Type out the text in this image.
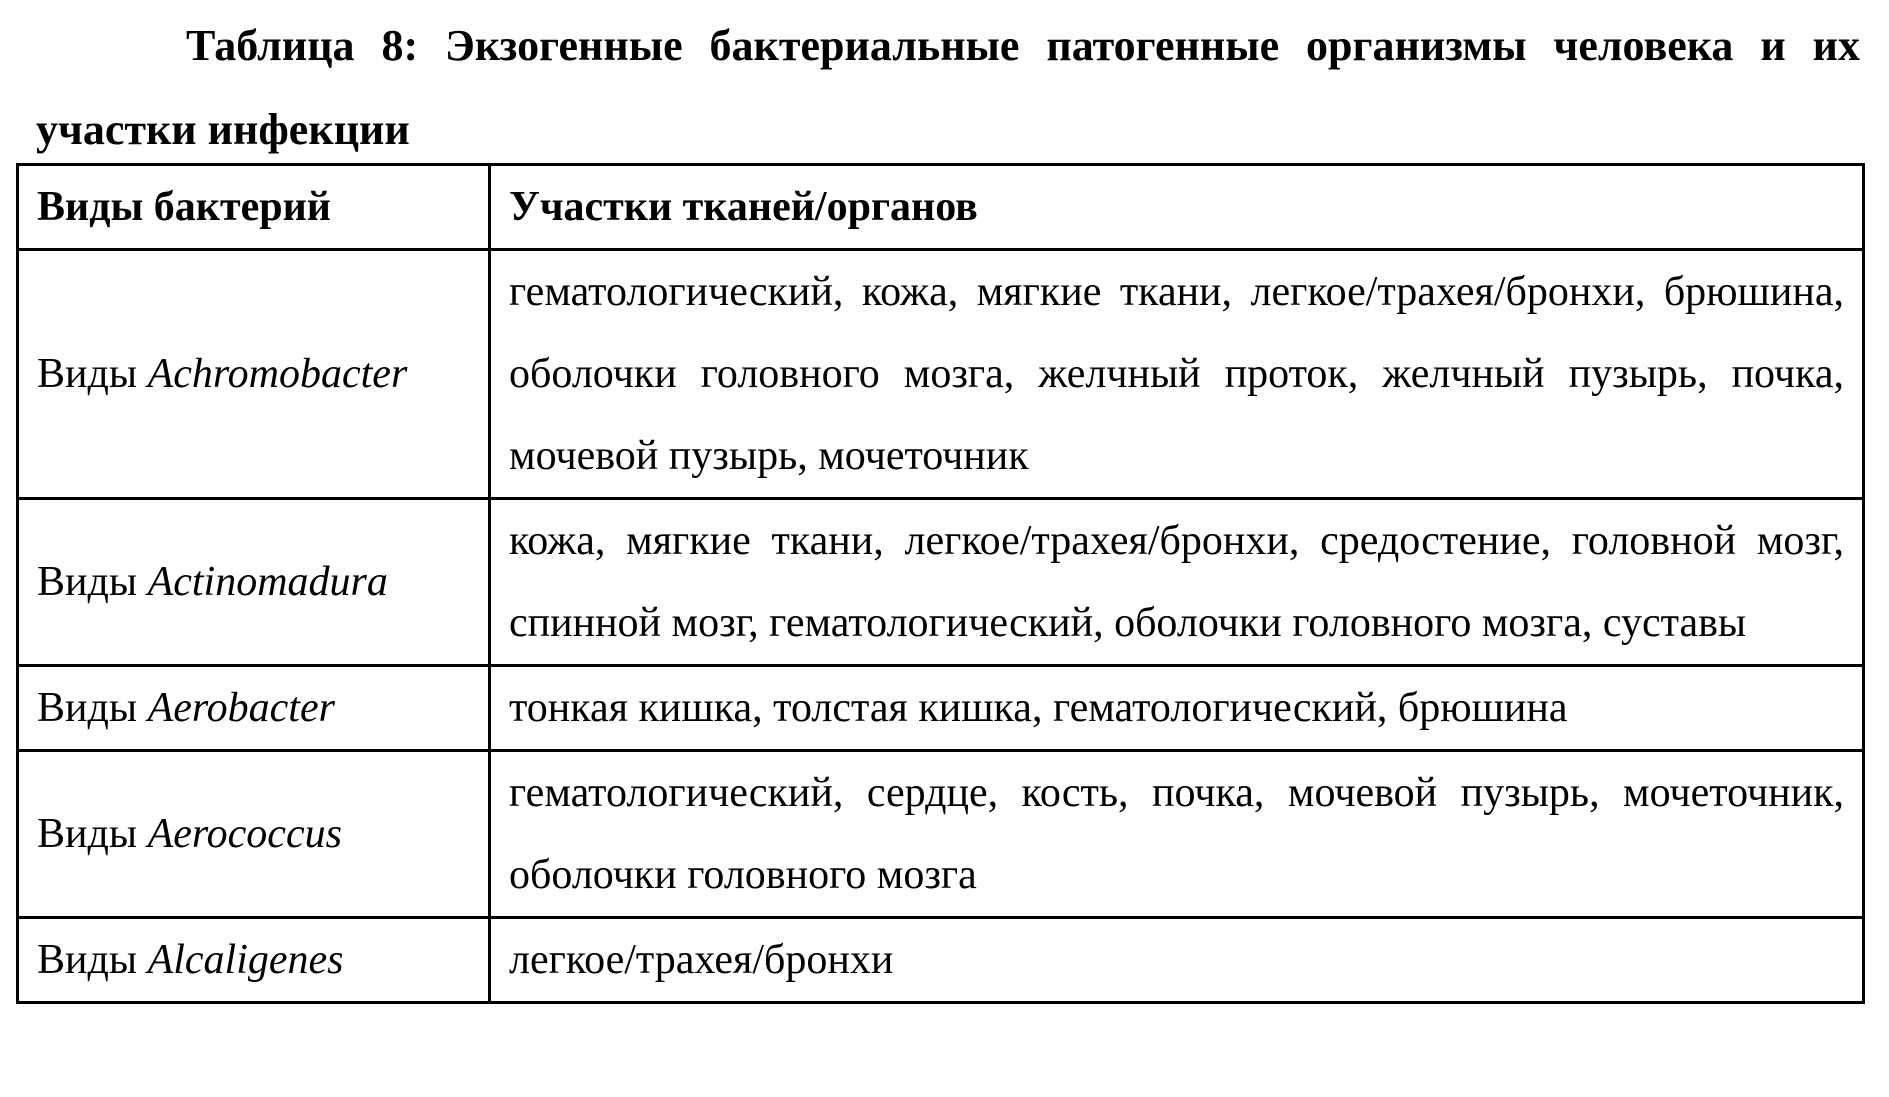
Таблица 8: Экзогенные бактериальные патогенные организмы человека и их участки инфекции
Виды бактерий	Участки тканей/органов
Виды Achromobacter	гематологический, кожа, мягкие ткани, легкое/трахея/бронхи, брюшина, оболочки головного мозга, желчный проток, желчный пузырь, почка, мочевой пузырь, мочеточник
Виды Actinomadura	кожа, мягкие ткани, легкое/трахея/бронхи, средостение, головной мозг, спинной мозг, гематологический, оболочки головного мозга, суставы
Виды Aerobacter	тонкая кишка, толстая кишка, гематологический, брюшина
Виды Aerococcus	гематологический, сердце, кость, почка, мочевой пузырь, мочеточник, оболочки головного мозга
Виды Alcaligenes	легкое/трахея/бронхи
